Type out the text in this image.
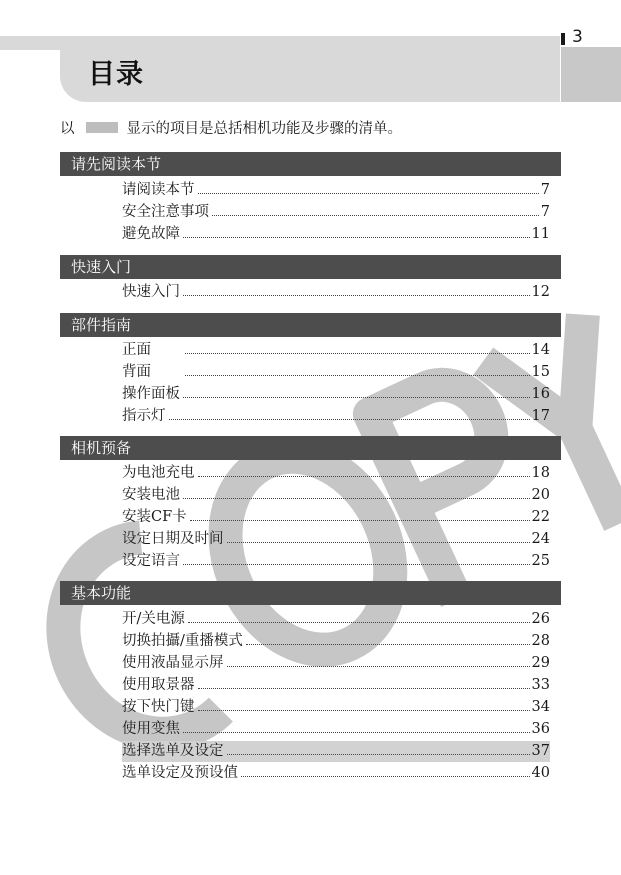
3
目录
以	显示的项目是总括相机功能及步骤的清单。
请先阅读本节
请阅读本节	7
安全注意事项	7
避免故障	11
快速入门
快速入门	12
部件指南
正面	14
背面	15
操作面板	16
指示灯	17
相机预备
为电池充电	18
安装电池	20
安装CF卡	22
设定日期及时间	24
设定语言	25
基本功能
开/关电源	26
切换拍攝/重播模式	28
使用液晶显示屏	29
使用取景器	33
按下快门键	34
使用变焦	36
选择选单及设定	37
选单设定及预设值	40
